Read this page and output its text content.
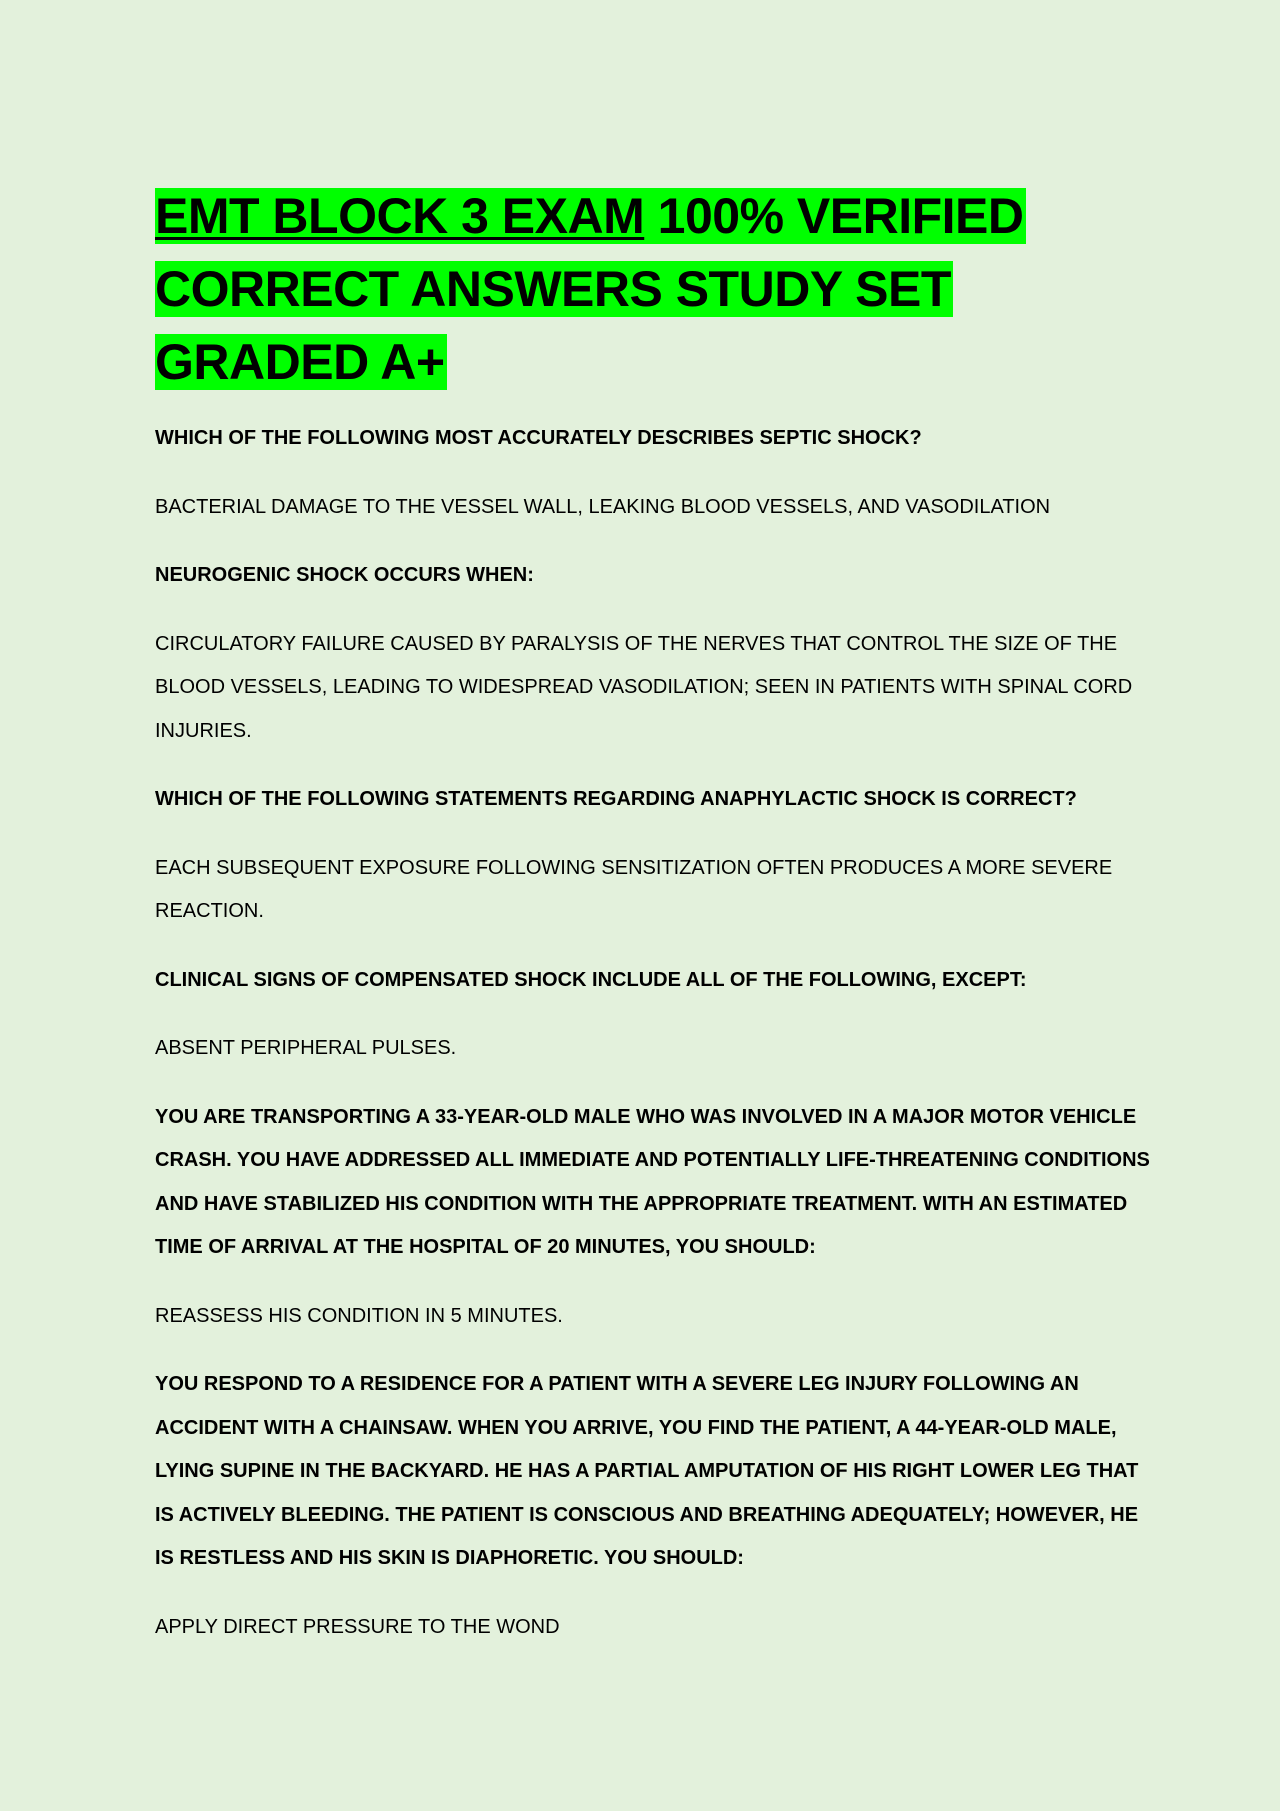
EMT BLOCK 3 EXAM 100% VERIFIED CORRECT ANSWERS STUDY SET GRADED A+

WHICH OF THE FOLLOWING MOST ACCURATELY DESCRIBES SEPTIC SHOCK?

BACTERIAL DAMAGE TO THE VESSEL WALL, LEAKING BLOOD VESSELS, AND VASODILATION

NEUROGENIC SHOCK OCCURS WHEN:

CIRCULATORY FAILURE CAUSED BY PARALYSIS OF THE NERVES THAT CONTROL THE SIZE OF THE BLOOD VESSELS, LEADING TO WIDESPREAD VASODILATION; SEEN IN PATIENTS WITH SPINAL CORD INJURIES.

WHICH OF THE FOLLOWING STATEMENTS REGARDING ANAPHYLACTIC SHOCK IS CORRECT?

EACH SUBSEQUENT EXPOSURE FOLLOWING SENSITIZATION OFTEN PRODUCES A MORE SEVERE REACTION.

CLINICAL SIGNS OF COMPENSATED SHOCK INCLUDE ALL OF THE FOLLOWING, EXCEPT:

ABSENT PERIPHERAL PULSES.

YOU ARE TRANSPORTING A 33-YEAR-OLD MALE WHO WAS INVOLVED IN A MAJOR MOTOR VEHICLE CRASH. YOU HAVE ADDRESSED ALL IMMEDIATE AND POTENTIALLY LIFE-THREATENING CONDITIONS AND HAVE STABILIZED HIS CONDITION WITH THE APPROPRIATE TREATMENT. WITH AN ESTIMATED TIME OF ARRIVAL AT THE HOSPITAL OF 20 MINUTES, YOU SHOULD:

REASSESS HIS CONDITION IN 5 MINUTES.

YOU RESPOND TO A RESIDENCE FOR A PATIENT WITH A SEVERE LEG INJURY FOLLOWING AN ACCIDENT WITH A CHAINSAW. WHEN YOU ARRIVE, YOU FIND THE PATIENT, A 44-YEAR-OLD MALE, LYING SUPINE IN THE BACKYARD. HE HAS A PARTIAL AMPUTATION OF HIS RIGHT LOWER LEG THAT IS ACTIVELY BLEEDING. THE PATIENT IS CONSCIOUS AND BREATHING ADEQUATELY; HOWEVER, HE IS RESTLESS AND HIS SKIN IS DIAPHORETIC. YOU SHOULD:

APPLY DIRECT PRESSURE TO THE WOND
